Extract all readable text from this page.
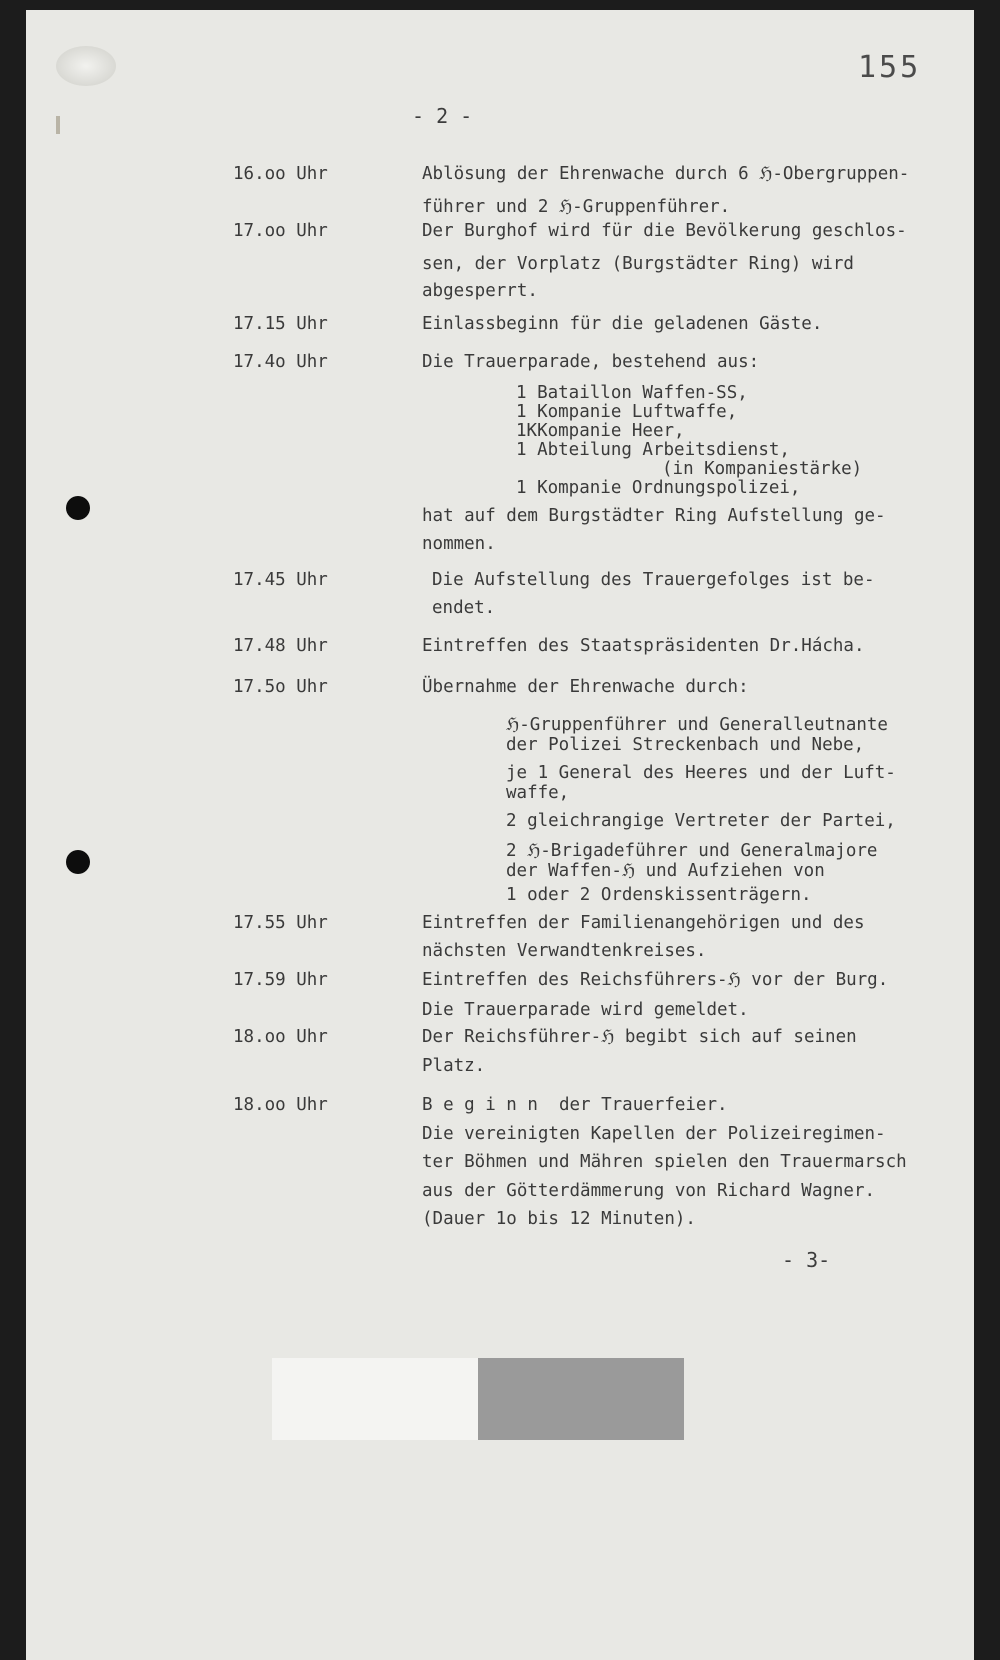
155
- 2 -
16.oo Uhr	Ablösung der Ehrenwache durch 6 ℌ-Obergruppen-
führer und 2 ℌ-Gruppenführer.
17.oo Uhr	Der Burghof wird für die Bevölkerung geschlos-
sen, der Vorplatz (Burgstädter Ring) wird
abgesperrt.
17.15 Uhr	Einlassbeginn für die geladenen Gäste.
17.4o Uhr	Die Trauerparade, bestehend aus:
1 Bataillon Waffen-SS,
1 Kompanie Luftwaffe,
1KKompanie Heer,
1 Abteilung Arbeitsdienst,
(in Kompaniestärke)
1 Kompanie Ordnungspolizei,
hat auf dem Burgstädter Ring Aufstellung ge-
nommen.
17.45 Uhr	Die Aufstellung des Trauergefolges ist be-
endet.
17.48 Uhr	Eintreffen des Staatspräsidenten Dr.Hácha.
17.5o Uhr	Übernahme der Ehrenwache durch:
ℌ-Gruppenführer und Generalleutnante
der Polizei Streckenbach und Nebe,
je 1 General des Heeres und der Luft-
waffe,
2 gleichrangige Vertreter der Partei,
2 ℌ-Brigadeführer und Generalmajore
der Waffen-ℌ und Aufziehen von
1 oder 2 Ordenskissenträgern.
17.55 Uhr	Eintreffen der Familienangehörigen und des
nächsten Verwandtenkreises.
17.59 Uhr	Eintreffen des Reichsführers-ℌ vor der Burg.
Die Trauerparade wird gemeldet.
18.oo Uhr	Der Reichsführer-ℌ begibt sich auf seinen
Platz.
18.oo Uhr	B e g i n n  der Trauerfeier.
Die vereinigten Kapellen der Polizeiregimen-
ter Böhmen und Mähren spielen den Trauermarsch
aus der Götterdämmerung von Richard Wagner.
(Dauer 1o bis 12 Minuten).
- 3-
